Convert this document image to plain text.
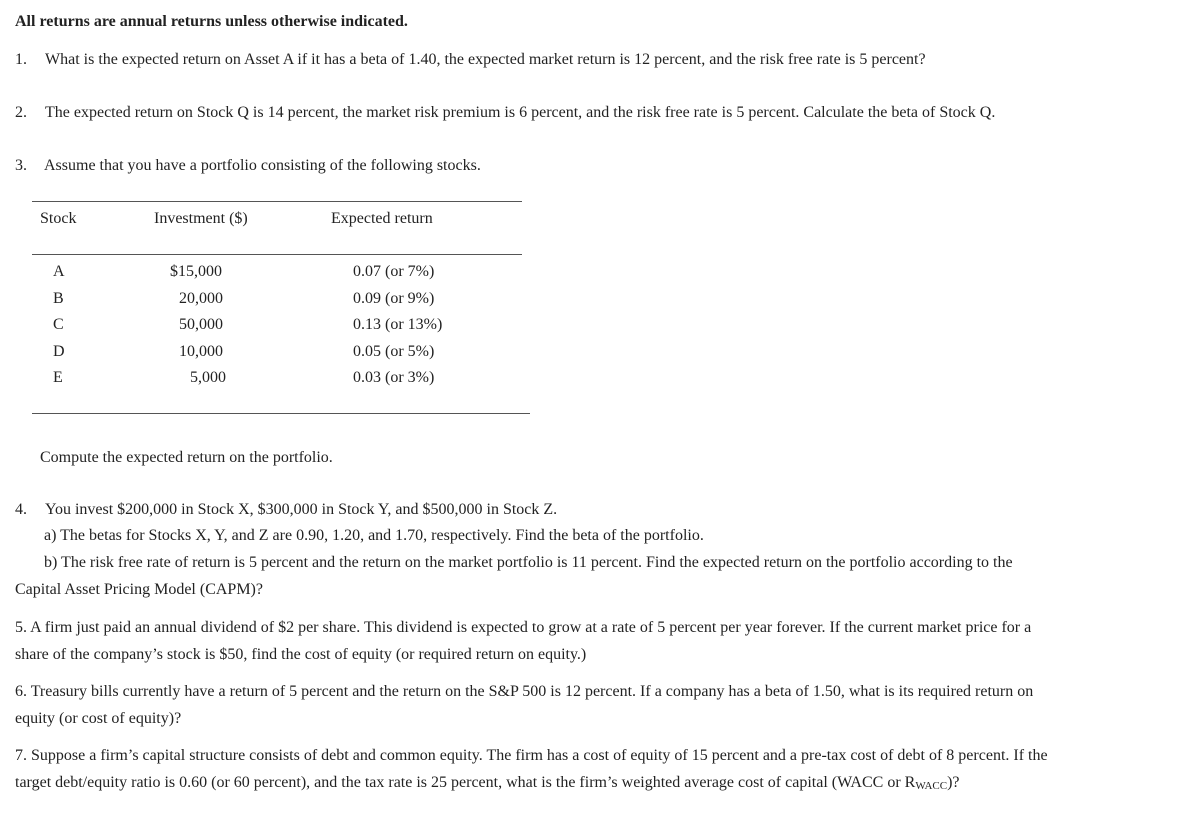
All returns are annual returns unless otherwise indicated.
1. What is the expected return on Asset A if it has a beta of 1.40, the expected market return is 12 percent, and the risk free rate is 5 percent?
2. The expected return on Stock Q is 14 percent, the market risk premium is 6 percent, and the risk free rate is 5 percent. Calculate the beta of Stock Q.
3. Assume that you have a portfolio consisting of the following stocks.
Stock	Investment ($)	Expected return
A	$15,000	0.07 (or 7%)
B	20,000	0.09 (or 9%)
C	50,000	0.13 (or 13%)
D	10,000	0.05 (or 5%)
E	5,000	0.03 (or 3%)
Compute the expected return on the portfolio.
4. You invest $200,000 in Stock X, $300,000 in Stock Y, and $500,000 in Stock Z.
a) The betas for Stocks X, Y, and Z are 0.90, 1.20, and 1.70, respectively. Find the beta of the portfolio.
b) The risk free rate of return is 5 percent and the return on the market portfolio is 11 percent. Find the expected return on the portfolio according to the
Capital Asset Pricing Model (CAPM)?
5. A firm just paid an annual dividend of $2 per share. This dividend is expected to grow at a rate of 5 percent per year forever. If the current market price for a
share of the company’s stock is $50, find the cost of equity (or required return on equity.)
6. Treasury bills currently have a return of 5 percent and the return on the S&P 500 is 12 percent. If a company has a beta of 1.50, what is its required return on
equity (or cost of equity)?
7. Suppose a firm’s capital structure consists of debt and common equity. The firm has a cost of equity of 15 percent and a pre-tax cost of debt of 8 percent. If the
target debt/equity ratio is 0.60 (or 60 percent), and the tax rate is 25 percent, what is the firm’s weighted average cost of capital (WACC or RWACC)?
